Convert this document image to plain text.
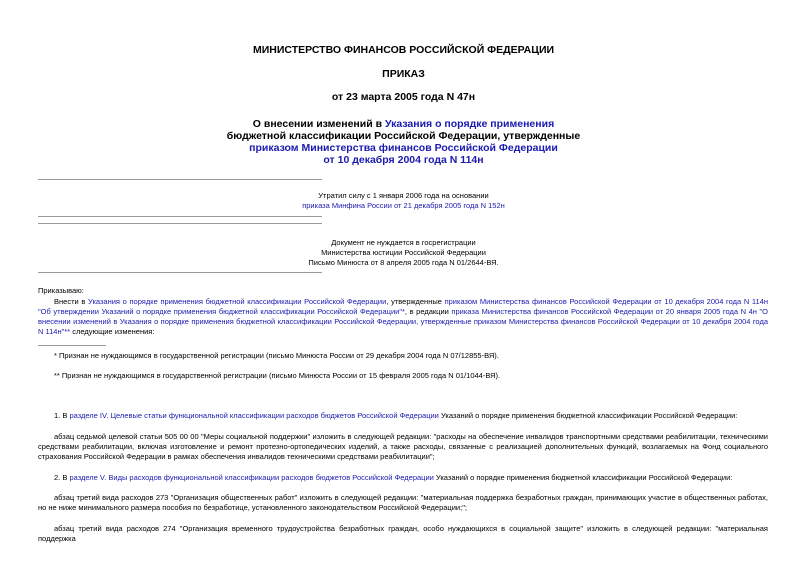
МИНИСТЕРСТВО ФИНАНСОВ РОССИЙСКОЙ ФЕДЕРАЦИИ
ПРИКАЗ
от 23 марта 2005 года N 47н
О внесении изменений в Указания о порядке применения
бюджетной классификации Российской Федерации, утвержденные
приказом Министерства финансов Российской Федерации
от 10 декабря 2004 года N 114н
Утратил силу с 1 января 2006 года на основании
приказа Минфина России от 21 декабря 2005 года N 152н
Документ не нуждается в госрегистрации
Министерства юстиции Российской Федерации
Письмо Минюста от 8 апреля 2005 года N 01/2644-ВЯ.
Приказываю:
Внести в Указания о порядке применения бюджетной классификации Российской Федерации, утвержденные приказом Министерства финансов Российской Федерации от 10 декабря 2004 года N 114н "Об утверждении Указаний о порядке применения бюджетной классификации Российской Федерации"*, в редакции приказа Министерства финансов Российской Федерации от 20 января 2005 года N 4н "О внесении изменений в Указания о порядке применения бюджетной классификации Российской Федерации, утвержденные приказом Министерства финансов Российской Федерации от 10 декабря 2004 года N 114н"** следующие изменения:
* Признан не нуждающимся в государственной регистрации (письмо Минюста России от 29 декабря 2004 года N 07/12855-ВЯ).
** Признан не нуждающимся в государственной регистрации (письмо Минюста России от 15 февраля 2005 года N 01/1044-ВЯ).
1. В разделе IV. Целевые статьи функциональной классификации расходов бюджетов Российской Федерации Указаний о порядке применения бюджетной классификации Российской Федерации:
абзац седьмой целевой статьи 505 00 00 "Меры социальной поддержки" изложить в следующей редакции: "расходы на обеспечение инвалидов транспортными средствами реабилитации, техническими средствами реабилитации, включая изготовление и ремонт протезно-ортопедических изделий, а также расходы, связанные с реализацией дополнительных функций, возлагаемых на Фонд социального страхования Российской Федерации в рамках обеспечения инвалидов техническими средствами реабилитации";
2. В разделе V. Виды расходов функциональной классификации расходов бюджетов Российской Федерации Указаний о порядке применения бюджетной классификации Российской Федерации:
абзац третий вида расходов 273 "Организация общественных работ" изложить в следующей редакции: "материальная поддержка безработных граждан, принимающих участие в общественных работах, но не ниже минимального размера пособия по безработице, установленного законодательством Российской Федерации;";
абзац третий вида расходов 274 "Организация временного трудоустройства безработных граждан, особо нуждающихся в социальной защите" изложить в следующей редакции: "материальная поддержка
